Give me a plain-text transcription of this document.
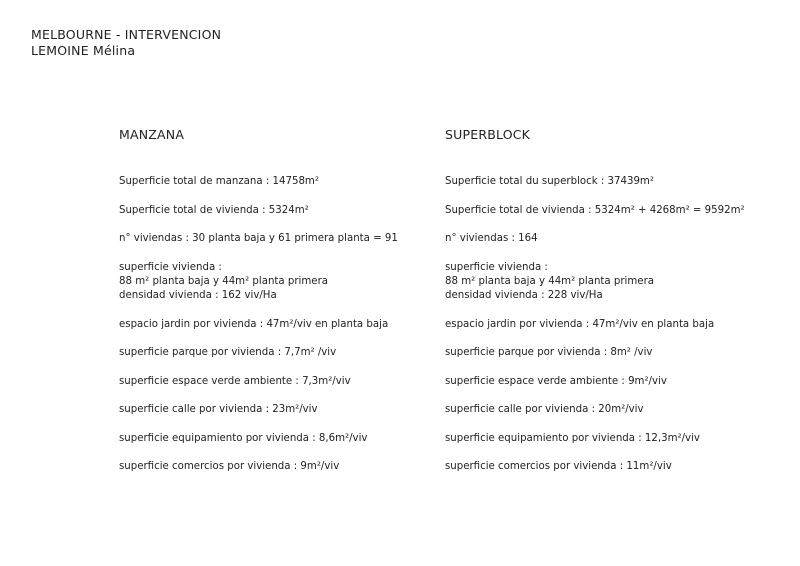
MELBOURNE - INTERVENCION
LEMOINE Mélina
MANZANA

Superficie total de manzana : 14758m²

Superficie total de vivienda : 5324m²

n° viviendas : 30 planta baja y 61 primera planta = 91

superficie vivienda :
88 m² planta baja y 44m² planta primera

densidad vivienda : 162 viv/Ha

espacio jardin por vivienda : 47m²/viv en planta baja

superficie parque por vivienda : 7,7m² /viv

superficie espace verde ambiente : 7,3m²/viv

superficie calle por vivienda : 23m²/viv

superficie equipamiento por vivienda : 8,6m²/viv

superficie comercios por vivienda : 9m²/viv

SUPERBLOCK

Superficie total du superblock : 37439m²

Superficie total de vivienda : 5324m² + 4268m² = 9592m²

n° viviendas : 164

superficie vivienda :
88 m² planta baja y 44m² planta primera

densidad vivienda : 228 viv/Ha

espacio jardin por vivienda : 47m²/viv en planta baja

superficie parque por vivienda : 8m² /viv

superficie espace verde ambiente : 9m²/viv

superficie calle por vivienda : 20m²/viv

superficie equipamiento por vivienda : 12,3m²/viv

superficie comercios por vivienda : 11m²/viv
